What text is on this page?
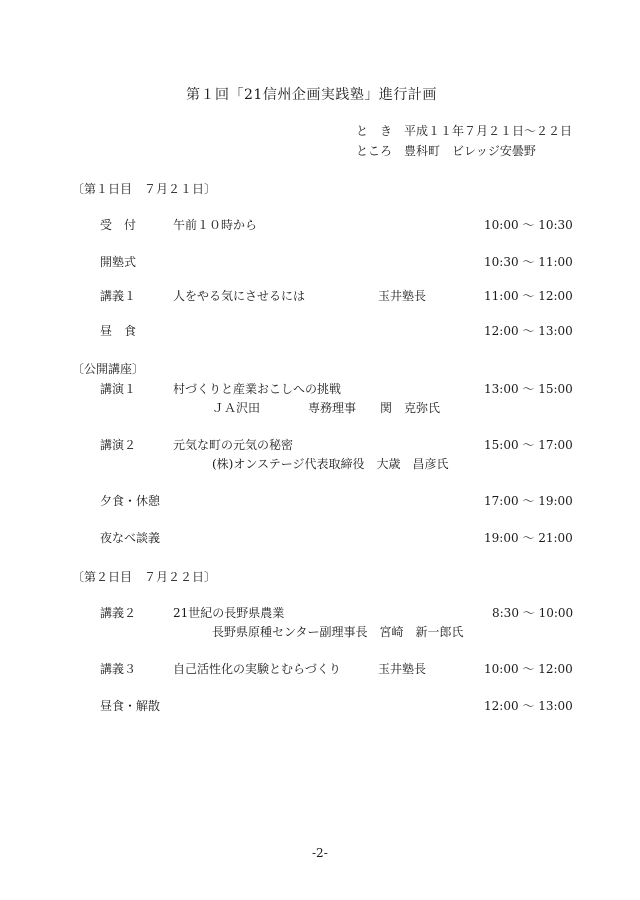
第１回「21信州企画実践塾」進行計画
と　き　平成１１年７月２１日～２２日
ところ　豊科町　ビレッジ安曇野
〔第１日目　７月２１日〕
受　付	午前１０時から	10:00 ～ 10:30
開塾式	10:30 ～ 11:00
講義１	人をやる気にさせるには	玉井塾長	11:00 ～ 12:00
昼　食	12:00 ～ 13:00
〔公開講座〕
講演１	村づくりと産業おこしへの挑戦	13:00 ～ 15:00
ＪＡ沢田　　　　専務理事　　関　克弥氏
講演２	元気な町の元気の秘密	15:00 ～ 17:00
(株)オンステージ代表取締役　大歳　昌彦氏
夕食・休憩	17:00 ～ 19:00
夜なべ談義	19:00 ～ 21:00
〔第２日目　７月２２日〕
講義２	21世紀の長野県農業	8:30 ～ 10:00
長野県原種センター副理事長　宮崎　新一郎氏
講義３	自己活性化の実験とむらづくり	玉井塾長	10:00 ～ 12:00
昼食・解散	12:00 ～ 13:00
-2-
